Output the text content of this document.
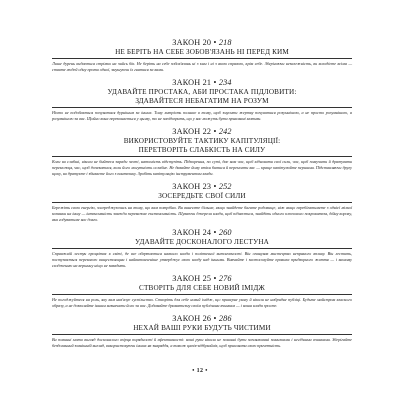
ЗАКОН 20 • 218
НЕ БЕРІТЬ НА СЕБЕ ЗОБОВ'ЯЗАНЬ НІ ПЕРЕД КИМ
Лише дурень кидається стрімко на чийсь бік. Не беріть на себе зобов'язань ні з ким і ні з якою справою, крім себе. Зберігаючи незалежність, ви володієте всіма — ставте людей одну проти одної, змушуючи їх гнатися за вами.
ЗАКОН 21 • 234
УДАВАЙТЕ ПРОСТАКА, АБИ ПРОСТАКА ПІДЛОВИТИ:
ЗДАВАЙТЕСЯ НЕБАГАТИМ НА РОЗУМ
Ніхто не подобається почуватися дурнішим за інших. Тому хитрість полягає в тому, щоб змусити жертву почуватися розумнішою, а не просто розумнішою, а розумнішою за вас. Щойно вона переконається у цьому, то не запідозрить, що у вас можуть бути приховані мотиви.
ЗАКОН 22 • 242
ВИКОРИСТОВУЙТЕ ТАКТИКУ КАПІТУЛЯЦІЇ:
ПЕРЕТВОРІТЬ СЛАБКІСТЬ НА СИЛУ
Коли ви слабші, ніколи не бийтеся заради честі, натомість відступіть. Підкорення, по суті, дає вам час, щоб відновити свої сили, час, щоб помучити й дратувати переможця, час, щоб дочекатися, коли його могутність ослабне. Не давайте йому втіхи битися й перемогти вас — краще капітулюйте першими. Підставляючи другу щоку, ви дратуєте і збиваєте його з пантелику. Зробіть капітуляцію інструментом влади.
ЗАКОН 23 • 252
ЗОСЕРЕДЬТЕ СВОЇ СИЛИ
Бережіть свою енергію, зосереджуючись на тому, що вам потрібно. Ви винесете більше, якщо знайдете багате родовище, ніж якщо перебігатимете з однієї мілкої копанки на іншу — інтенсивність завжди переважає екстенсивність. Шукаючи джерела влади, щоб піднестися, знайдіть одного ключового покровителя, дійну корову, яка годуватиме вас довго.
ЗАКОН 24 • 260
УДАВАЙТЕ ДОСКОНАЛОГО ЛЕСТУНА
Справжній лестун процвітає в світі, де все обертається навколо влади і політичної витонченості. Він опанував мистецтво непрямого впливу. Він лестить, поступається перевагою вищестоящим і найвитонченіше утверджує свою владу над іншими. Вивчайте і застосовуйте правила придворного життя — і вашому сходженню на вершину ніщо не завадить.
ЗАКОН 25 • 276
СТВОРІТЬ ДЛЯ СЕБЕ НОВИЙ ІМІДЖ
Не погоджуйтеся на роль, яку вам нав'язує суспільство. Створіть для себе новий імідж, що приверне увагу й ніколи не набридне публіці. Будьте майстром власного образу, а не дозволяйте іншим визначати його за вас. Додавайте драматизму своїм публічним вчинкам — і ваша влада зросте.
ЗАКОН 26 • 286
НЕХАЙ ВАШІ РУКИ БУДУТЬ ЧИСТИМИ
Ви повинні мати вигляд досконалого взірця порядності й ефективності: ваші руки ніколи не повинні бути заплямовані помилками і негідними вчинками. Зберігайте бездоганний зовнішній вигляд, використовуючи інших як знаряддя, а також цапів-відбувайлів, щоб приховати свою причетність.
• 12 •
